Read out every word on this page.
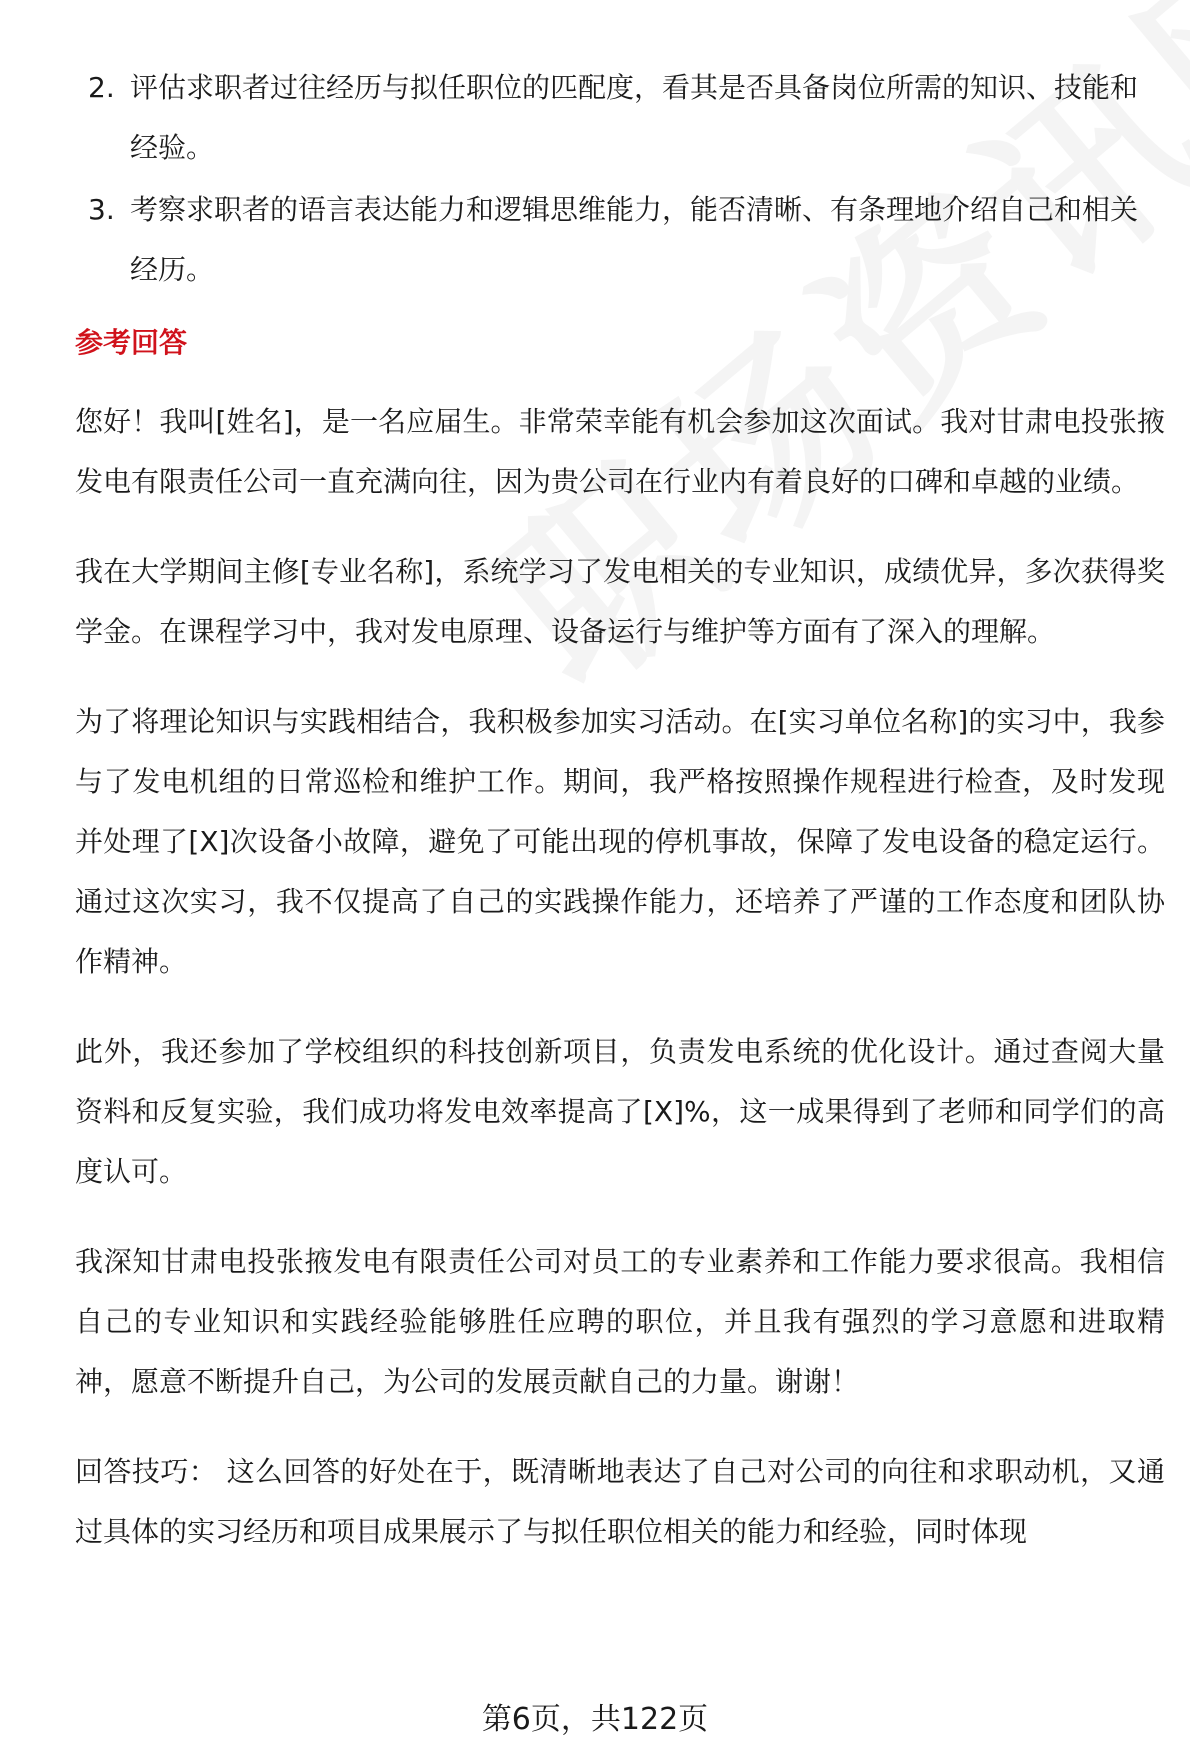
2. 评估求职者过往经历与拟任职位的匹配度，看其是否具备岗位所需的知识、技能和经验。
3. 考察求职者的语言表达能力和逻辑思维能力，能否清晰、有条理地介绍自己和相关经历。
参考回答

您好！我叫[姓名]，是一名应届生。非常荣幸能有机会参加这次面试。我对甘肃电投张掖发电有限责任公司一直充满向往，因为贵公司在行业内有着良好的口碑和卓越的业绩。

我在大学期间主修[专业名称]，系统学习了发电相关的专业知识，成绩优异，多次获得奖学金。在课程学习中，我对发电原理、设备运行与维护等方面有了深入的理解。

为了将理论知识与实践相结合，我积极参加实习活动。在[实习单位名称]的实习中，我参与了发电机组的日常巡检和维护工作。期间，我严格按照操作规程进行检查，及时发现并处理了[X]次设备小故障，避免了可能出现的停机事故，保障了发电设备的稳定运行。通过这次实习，我不仅提高了自己的实践操作能力，还培养了严谨的工作态度和团队协作精神。

此外，我还参加了学校组织的科技创新项目，负责发电系统的优化设计。通过查阅大量资料和反复实验，我们成功将发电效率提高了[X]%，这一成果得到了老师和同学们的高度认可。

我深知甘肃电投张掖发电有限责任公司对员工的专业素养和工作能力要求很高。我相信自己的专业知识和实践经验能够胜任应聘的职位，并且我有强烈的学习意愿和进取精神，愿意不断提升自己，为公司的发展贡献自己的力量。谢谢！

回答技巧： 这么回答的好处在于，既清晰地表达了自己对公司的向往和求职动机，又通过具体的实习经历和项目成果展示了与拟任职位相关的能力和经验，同时体现

第6页，共122页
